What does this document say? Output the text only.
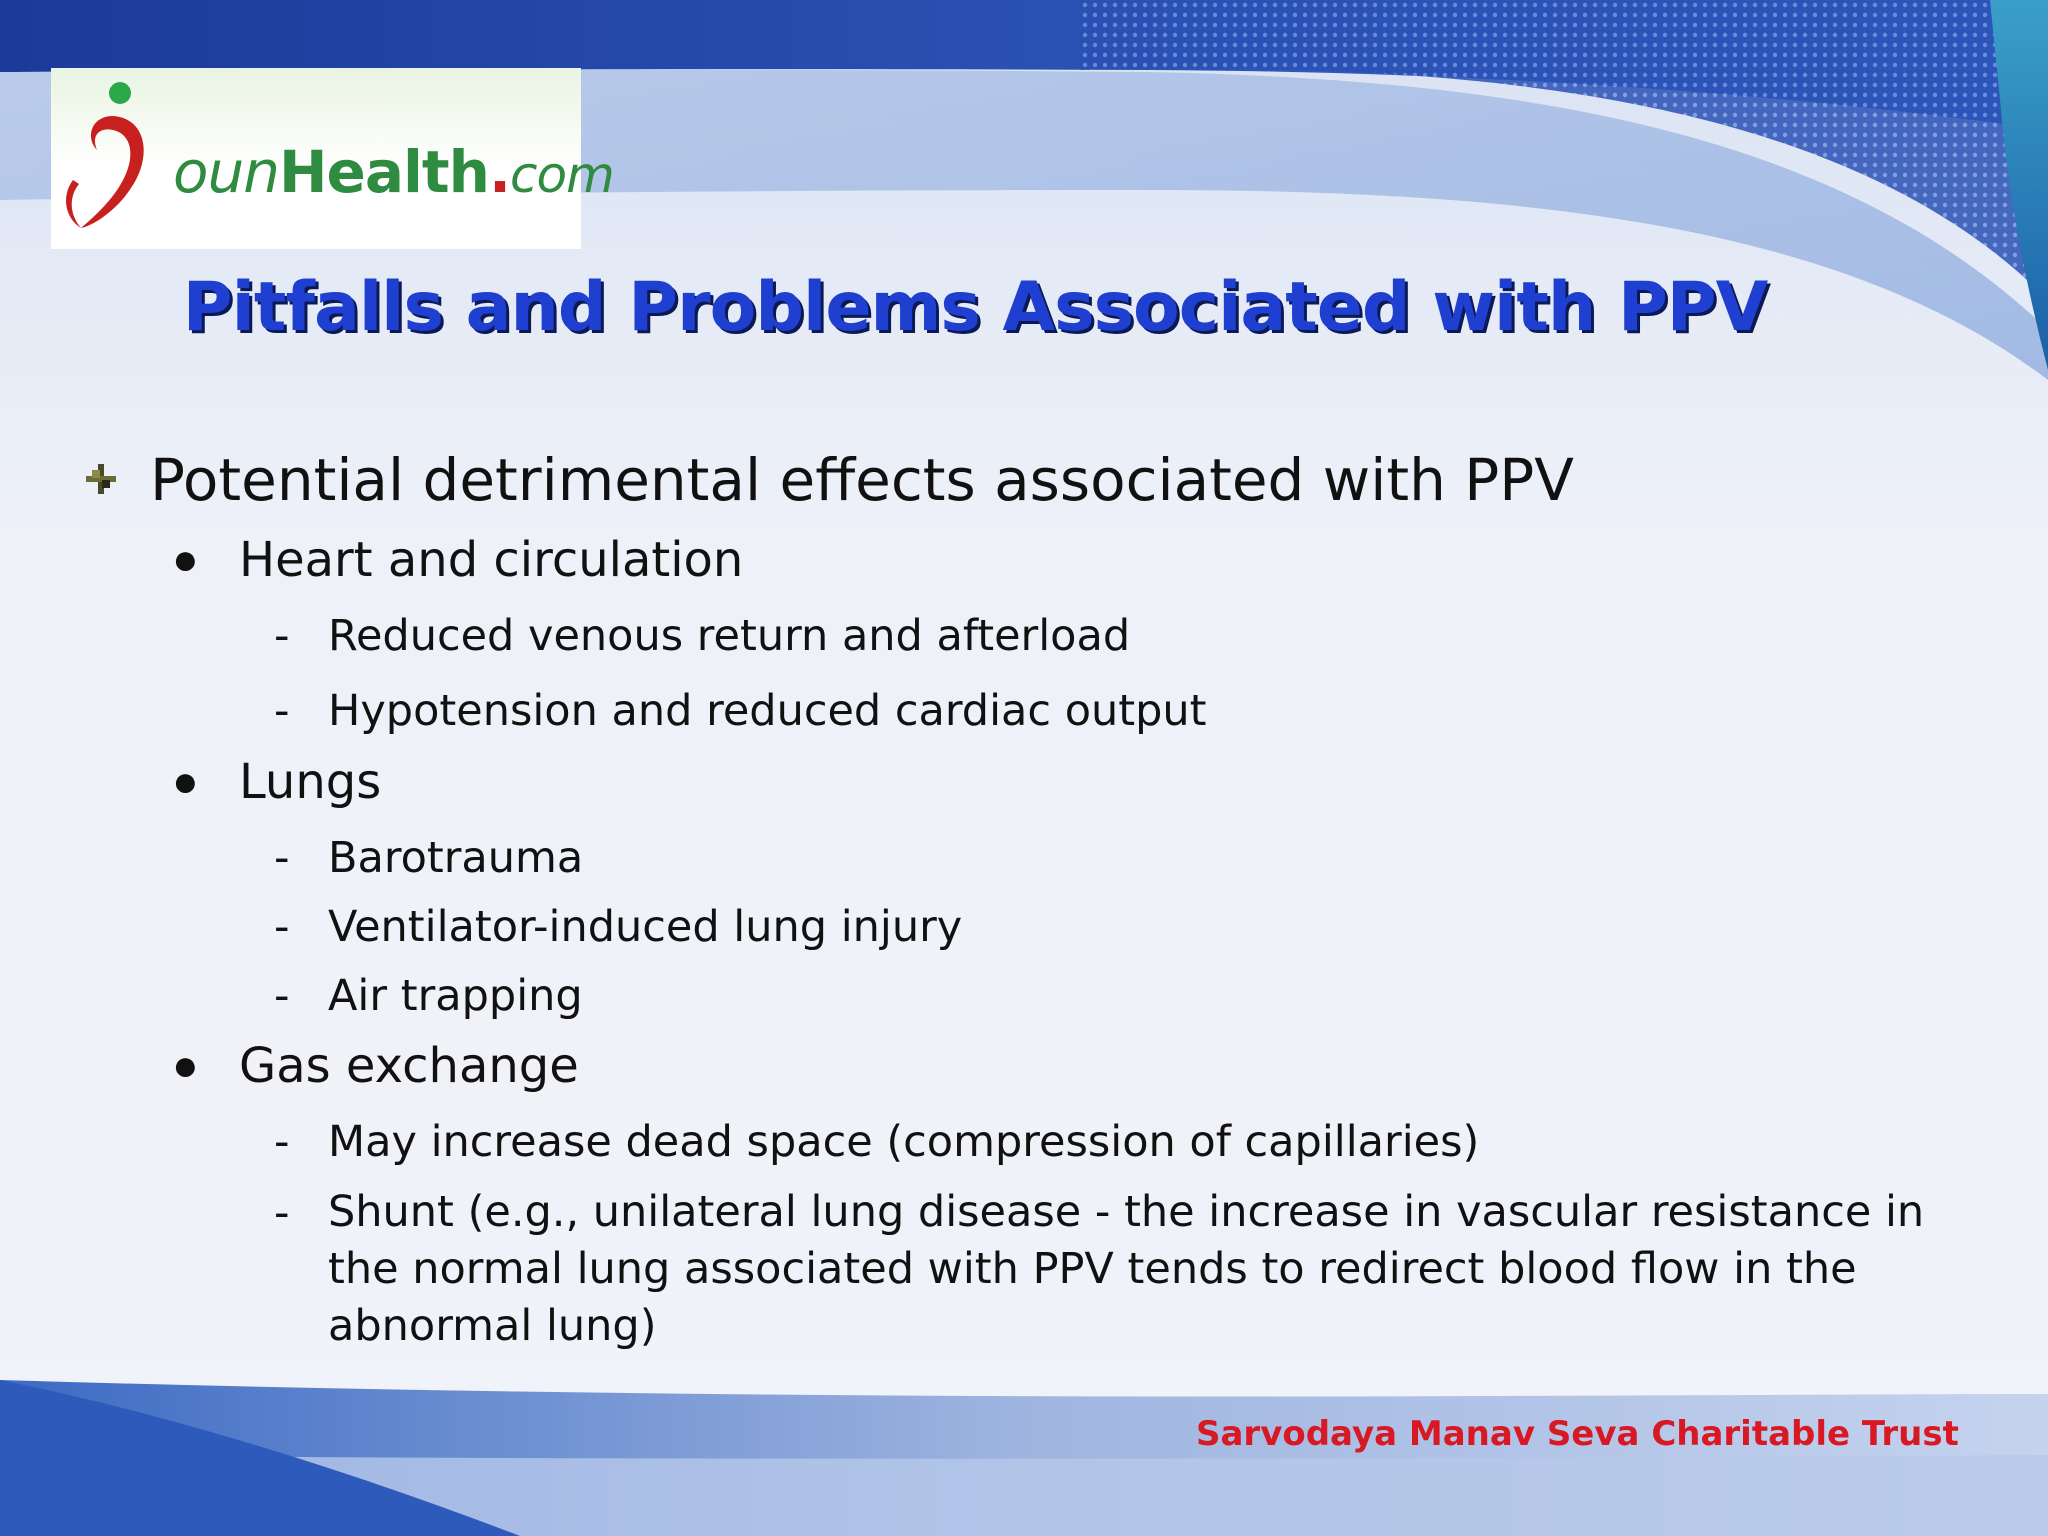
ounHealth.com
Pitfalls and Problems Associated with PPV
Potential detrimental effects associated with PPV
● Heart and circulation
- Reduced venous return and afterload
- Hypotension and reduced cardiac output
● Lungs
- Barotrauma
- Ventilator-induced lung injury
- Air trapping
● Gas exchange
- May increase dead space (compression of capillaries)
- Shunt (e.g., unilateral lung disease - the increase in vascular resistance in the normal lung associated with PPV tends to redirect blood flow in the abnormal lung)
Sarvodaya Manav Seva Charitable Trust
